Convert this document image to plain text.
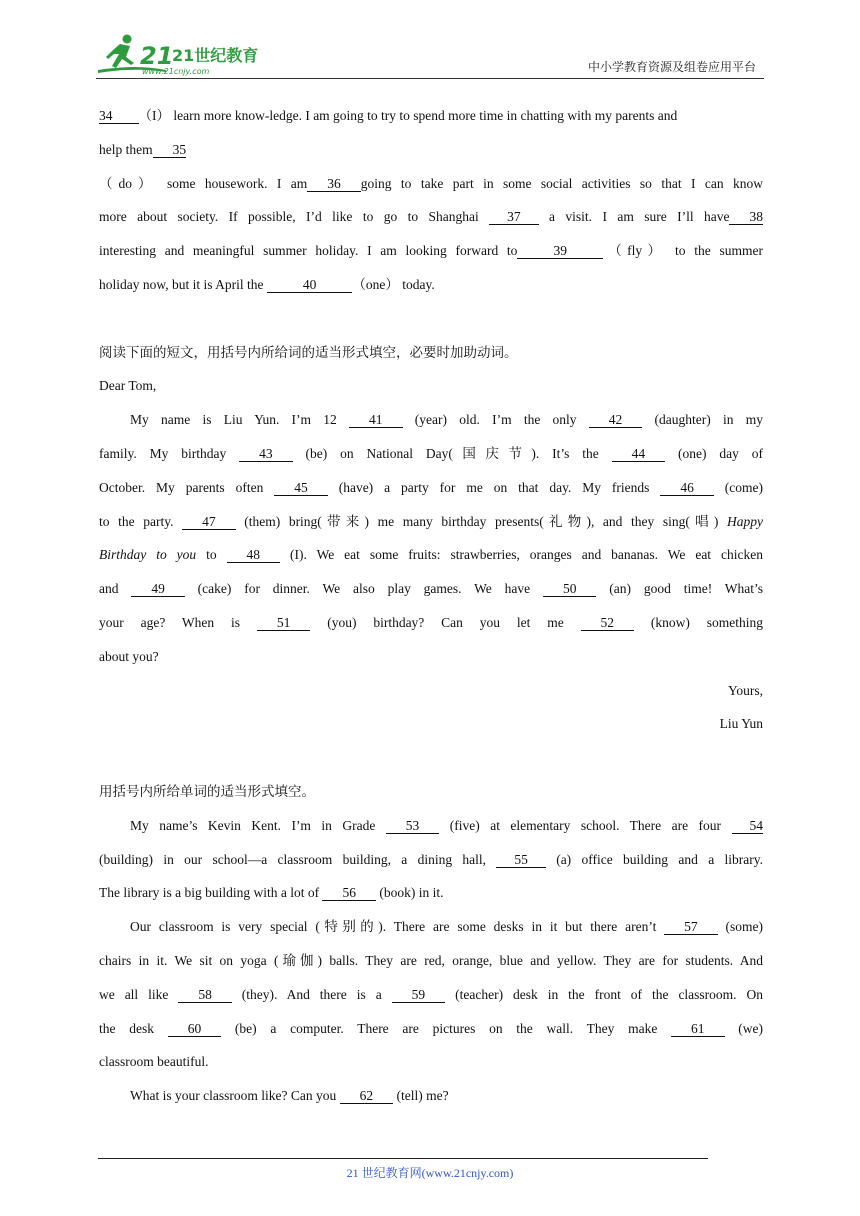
21
21世纪教育
www.21cnjy.com	中小学教育资源及组卷应用平台
34 （I） learn more know-ledge. I am going to try to spend more time in chatting with my parents and
help them 35
（do） some housework. I am 36 going to take part in some social activities so that I can know
more about society. If possible, I’d like to go to Shanghai 37 a visit. I am sure I’ll have 38
interesting and meaningful summer holiday. I am looking forward to	39	（fly） to the summer
holiday now, but it is April the	40	（one） today.
阅读下面的短文，用括号内所给词的适当形式填空，必要时加助动词。
Dear Tom,
My name is Liu Yun. I’m 12 41 (year) old. I’m the only 42 (daughter) in my
family. My birthday 43 (be) on National Day(国庆节). It’s the 44 (one) day of
October. My parents often 45 (have) a party for me on that day. My friends 46 (come)
to the party. 47 (them) bring(带来) me many birthday presents(礼物), and they sing(唱) Happy
Birthday to you to 48 (I). We eat some fruits: strawberries, oranges and bananas. We eat chicken
and 49 (cake) for dinner. We also play games. We have 50 (an) good time! What’s
your age? When is 51 (you) birthday? Can you let me 52 (know) something
about you?
Yours,
Liu Yun
用括号内所给单词的适当形式填空。
My name’s Kevin Kent. I’m in Grade 53 (five) at elementary school. There are four 54
(building) in our school—a classroom building, a dining hall, 55 (a) office building and a library.
The library is a big building with a lot of 56 (book) in it.
Our classroom is very special (特别的). There are some desks in it but there aren’t 57 (some)
chairs in it. We sit on yoga (瑜伽) balls. They are red, orange, blue and yellow. They are for students. And
we all like 58 (they). And there is a 59 (teacher) desk in the front of the classroom. On
the desk 60 (be) a computer. There are pictures on the wall. They make 61 (we)
classroom beautiful.
What is your classroom like? Can you 62 (tell) me?
21 世纪教育网(www.21cnjy.com)
